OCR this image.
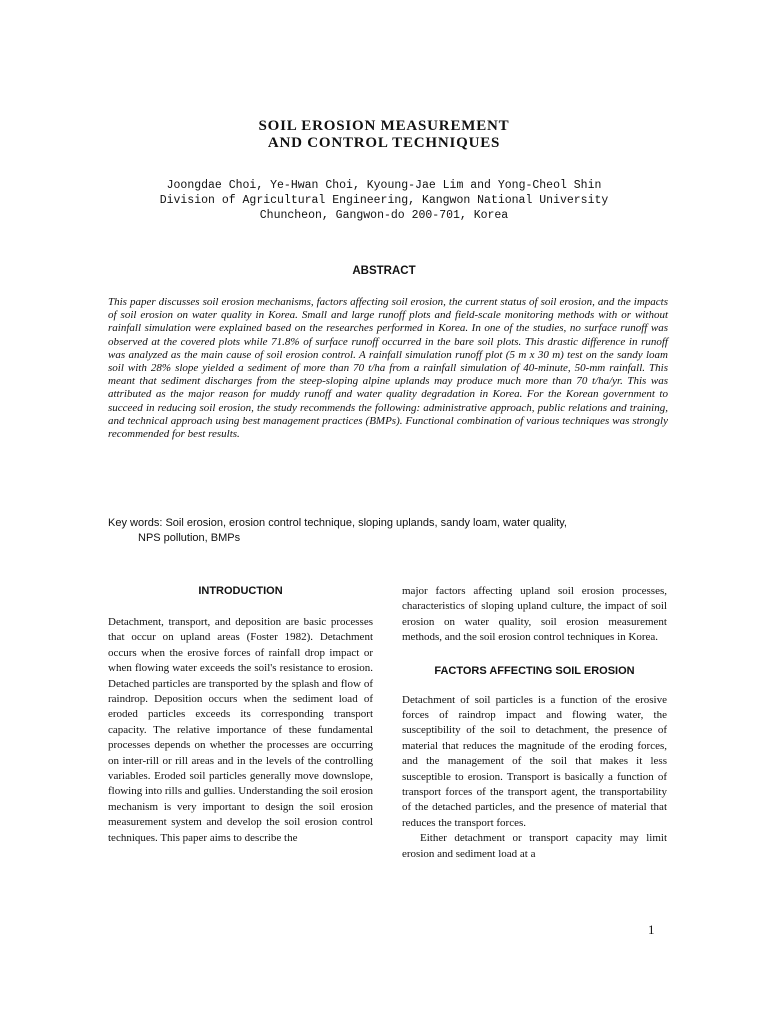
SOIL EROSION MEASUREMENT
AND CONTROL TECHNIQUES
Joongdae Choi, Ye-Hwan Choi, Kyoung-Jae Lim and Yong-Cheol Shin
Division of Agricultural Engineering, Kangwon National University
Chuncheon, Gangwon-do 200-701, Korea
ABSTRACT

This paper discusses soil erosion mechanisms, factors affecting soil erosion, the current status of soil erosion, and the impacts of soil erosion on water quality in Korea. Small and large runoff plots and field-scale monitoring methods with or without rainfall simulation were explained based on the researches performed in Korea. In one of the studies, no surface runoff was observed at the covered plots while 71.8% of surface runoff occurred in the bare soil plots. This drastic difference in runoff was analyzed as the main cause of soil erosion control. A rainfall simulation runoff plot (5 m x 30 m) test on the sandy loam soil with 28% slope yielded a sediment of more than 70 t/ha from a rainfall simulation of 40-minute, 50-mm rainfall. This meant that sediment discharges from the steep-sloping alpine uplands may produce much more than 70 t/ha/yr. This was attributed as the major reason for muddy runoff and water quality degradation in Korea. For the Korean government to succeed in reducing soil erosion, the study recommends the following: administrative approach, public relations and training, and technical approach using best management practices (BMPs). Functional combination of various techniques was strongly recommended for best results.

Key words: Soil erosion, erosion control technique, sloping uplands, sandy loam, water quality,
NPS pollution, BMPs

INTRODUCTION

Detachment, transport, and deposition are basic processes that occur on upland areas (Foster 1982). Detachment occurs when the erosive forces of rainfall drop impact or when flowing water exceeds the soil's resistance to erosion. Detached particles are transported by the splash and flow of raindrop. Deposition occurs when the sediment load of eroded particles exceeds its corresponding transport capacity. The relative importance of these fundamental processes depends on whether the processes are occurring on inter-rill or rill areas and in the levels of the controlling variables. Eroded soil particles generally move downslope, flowing into rills and gullies. Understanding the soil erosion mechanism is very important to design the soil erosion measurement system and develop the soil erosion control techniques. This paper aims to describe the

major factors affecting upland soil erosion processes, characteristics of sloping upland culture, the impact of soil erosion on water quality, soil erosion measurement methods, and the soil erosion control techniques in Korea.

FACTORS AFFECTING SOIL EROSION

Detachment of soil particles is a function of the erosive forces of raindrop impact and flowing water, the susceptibility of the soil to detachment, the presence of material that reduces the magnitude of the eroding forces, and the management of the soil that makes it less susceptible to erosion. Transport is basically a function of transport forces of the transport agent, the transportability of the detached particles, and the presence of material that reduces the transport forces.

Either detachment or transport capacity may limit erosion and sediment load at a

1
